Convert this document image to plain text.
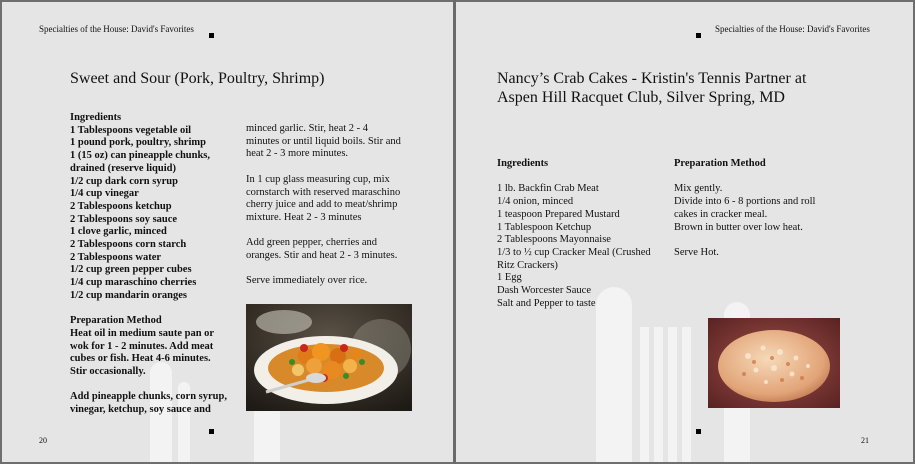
Specialties of the House: David's Favorites
Sweet and Sour (Pork, Poultry, Shrimp)
Ingredients
1 Tablespoons vegetable oil
1 pound pork, poultry, shrimp
1 (15 oz) can pineapple chunks,
drained (reserve liquid)
1/2 cup dark corn syrup
1/4 cup vinegar
2 Tablespoons ketchup
2 Tablespoons soy sauce
1 clove garlic, minced
2 Tablespoons corn starch
2 Tablespoons water
1/2 cup green pepper cubes
1/4 cup maraschino cherries
1/2 cup mandarin oranges

Preparation Method
Heat oil in medium saute pan or
wok for 1 - 2 minutes. Add meat
cubes or fish. Heat 4-6 minutes.
Stir occasionally.
Add pineapple chunks, corn syrup,
vinegar, ketchup, soy sauce and
minced garlic. Stir, heat 2 - 4
minutes or until liquid boils. Stir and
heat 2 - 3 more minutes.
In 1 cup glass measuring cup, mix
cornstarch with reserved maraschino
cherry juice and add to meat/shrimp
mixture. Heat 2 - 3 minutes
Add green pepper, cherries and
oranges. Stir and heat 2 - 3 minutes.
Serve immediately over rice.
20
Specialties of the House: David's Favorites
Nancy’s Crab Cakes - Kristin's Tennis Partner at
Aspen Hill Racquet Club, Silver Spring, MD
Ingredients

1 lb. Backfin Crab Meat
1/4 onion, minced
1 teaspoon Prepared Mustard
1 Tablespoon Ketchup
2 Tablespoons Mayonnaise
1/3 to ½ cup Cracker Meal (Crushed
Ritz Crackers)
1 Egg
Dash Worcester Sauce
Salt and Pepper to taste
Preparation Method

Mix gently.
Divide into 6 - 8 portions and roll
cakes in cracker meal.
Brown in butter over low heat.
Serve Hot.
21
